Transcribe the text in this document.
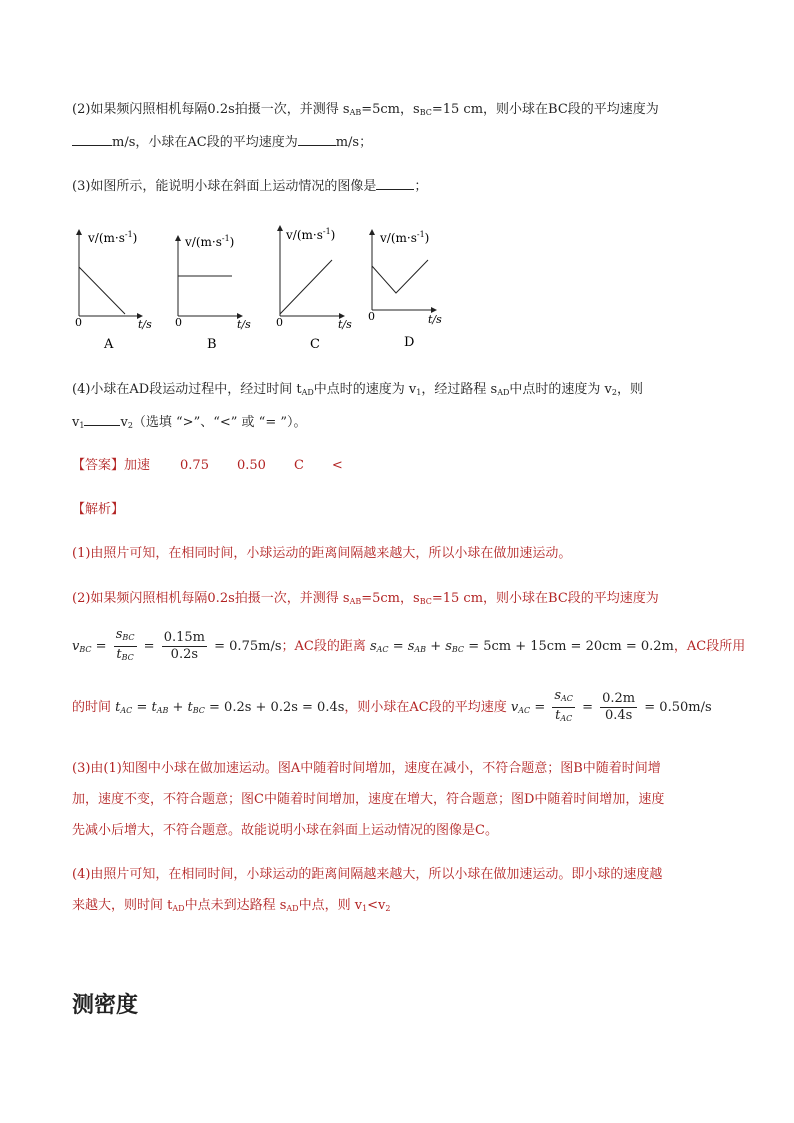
(2)如果频闪照相机每隔0.2s拍摄一次，并测得 $s_{AB}=5cm$，$s_{BC}=15$ cm，则小球在BC段的平均速度为
m/s，小球在AC段的平均速度为	m/s；
(3)如图所示，能说明小球在斜面上运动情况的图像是	；
$v/(m\cdot s^{-1})$
0	t/s
A
$v/(m\cdot s^{-1})$
0	t/s
B
$v/(m\cdot s^{-1})$
0	t/s
C
$v/(m\cdot s^{-1})$
0	t/s
D
(4)小球在AD段运动过程中，经过时间 $t_{AD}$中点时的速度为 $v_1$，经过路程 $s_{AD}$中点时的速度为 $v_2$，则
$v_1$	$v_2$（选填 “>”、“<” 或 “= ”）。
【答案】加速 0.75 0.50 C <
【解析】
(1)由照片可知，在相同时间，小球运动的距离间隔越来越大，所以小球在做加速运动。
(2)如果频闪照相机每隔0.2s拍摄一次，并测得 $s_{AB}=5cm$，$s_{BC}=15$ cm，则小球在BC段的平均速度为
$v_{BC} = \frac{s_{BC}}{t_{BC}} = \frac{0.15m}{0.2s} = 0.75m/s$；AC段的距离 $s_{AC} = s_{AB} + s_{BC} = 5cm + 15cm = 20cm = 0.2m$，AC段所用
的时间 $t_{AC} = t_{AB} + t_{BC} = 0.2s + 0.2s = 0.4s$，则小球在AC段的平均速度 $v_{AC} = \frac{s_{AC}}{t_{AC}} = \frac{0.2m}{0.4s} = 0.50m/s$
(3)由(1)知图中小球在做加速运动。图A中随着时间增加，速度在减小，不符合题意；图B中随着时间增
加，速度不变，不符合题意；图C中随着时间增加，速度在增大，符合题意；图D中随着时间增加，速度
先减小后增大，不符合题意。故能说明小球在斜面上运动情况的图像是C。
(4)由照片可知，在相同时间，小球运动的距离间隔越来越大，所以小球在做加速运动。即小球的速度越
来越大，则时间 $t_{AD}$中点未到达路程 $s_{AD}$中点，则 $v_1<v_2$
测密度
